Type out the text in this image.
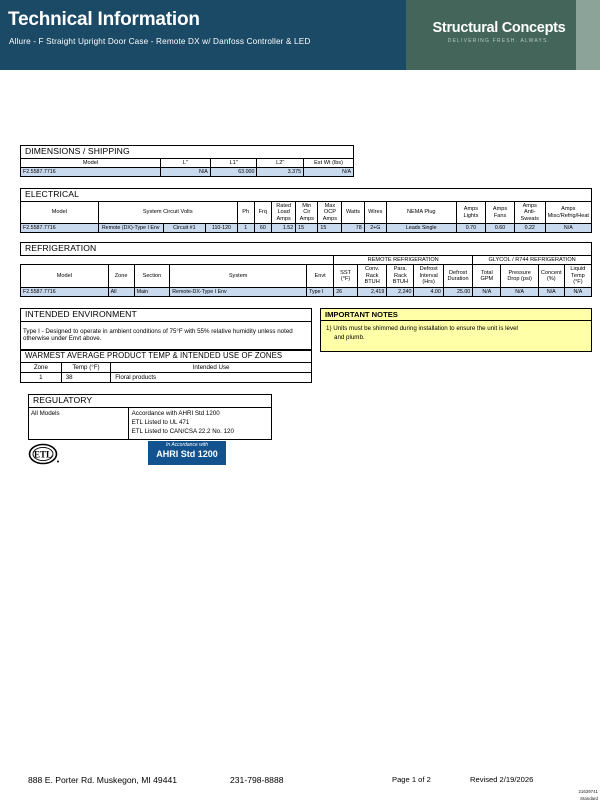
Technical Information
Allure - F Straight Upright Door Case - Remote DX w/ Danfoss Controller & LED
Structural Concepts
DELIVERING FRESH. ALWAYS.
DIMENSIONS / SHIPPING				
Model	L"	L1"	L2"	Est Wt (lbs)
F2.5587.7716	N/A	63.000	3.375	N/A
ELECTRICAL															
Model	System Circuit Volts			Ph	Frq	Rated Load Amps	Min Cir Amps	Max OCP Amps	Watts	Wires	NEMA Plug	Amps Lights	Amps Fans	Amps Anti-Sweats	Amps Misc/Refrig/Heat
F2.5587.7716	Remote (DX)-Type I Env	Circuit #1	110-120	1	60	1.52	15	15	78	2+G	Leads Single	0.70	0.60	0.22	N/A
REFRIGERATION													
					REMOTE REFRIGERATION					GLYCOL / R744 REFRIGERATION			
Model	Zone	Section	System	Envt	SST (°F)	Conv. Rack BTUH	Para. Rack BTUH	Defrost Interval (Hrs)	Defrost Duration	Total GPM	Pressure Drop (psi)	Concent (%)	Liquid Temp (°F)
F2.5587.7716	All	Main	Remote-DX-Type I Env	Type I	26	2,419	2,240	4.00	25.00	N/A	N/A	N/A	N/A
INTENDED ENVIRONMENT
Type I - Designed to operate in ambient conditions of 75°F with 55% relative humidity unless noted otherwise under Envt above.
IMPORTANT NOTES
1) Units must be shimmed during installation to ensure the unit is level
and plumb.
WARMEST AVERAGE PRODUCT TEMP & INTENDED USE OF ZONES		
Zone	Temp (°F)	Intended Use
1	38	Floral products
REGULATORY
All Models	Accordance with AHRI Std 1200
ETL Listed to UL 471
ETL Listed to CAN/CSA 22.2 No. 120
ETL
In Accordance with
AHRI Std 1200
888 E. Porter Rd. Muskegon, MI 49441	231-798-8888	Page 1 of 2	Revised 2/19/2026
21639741
Standard
